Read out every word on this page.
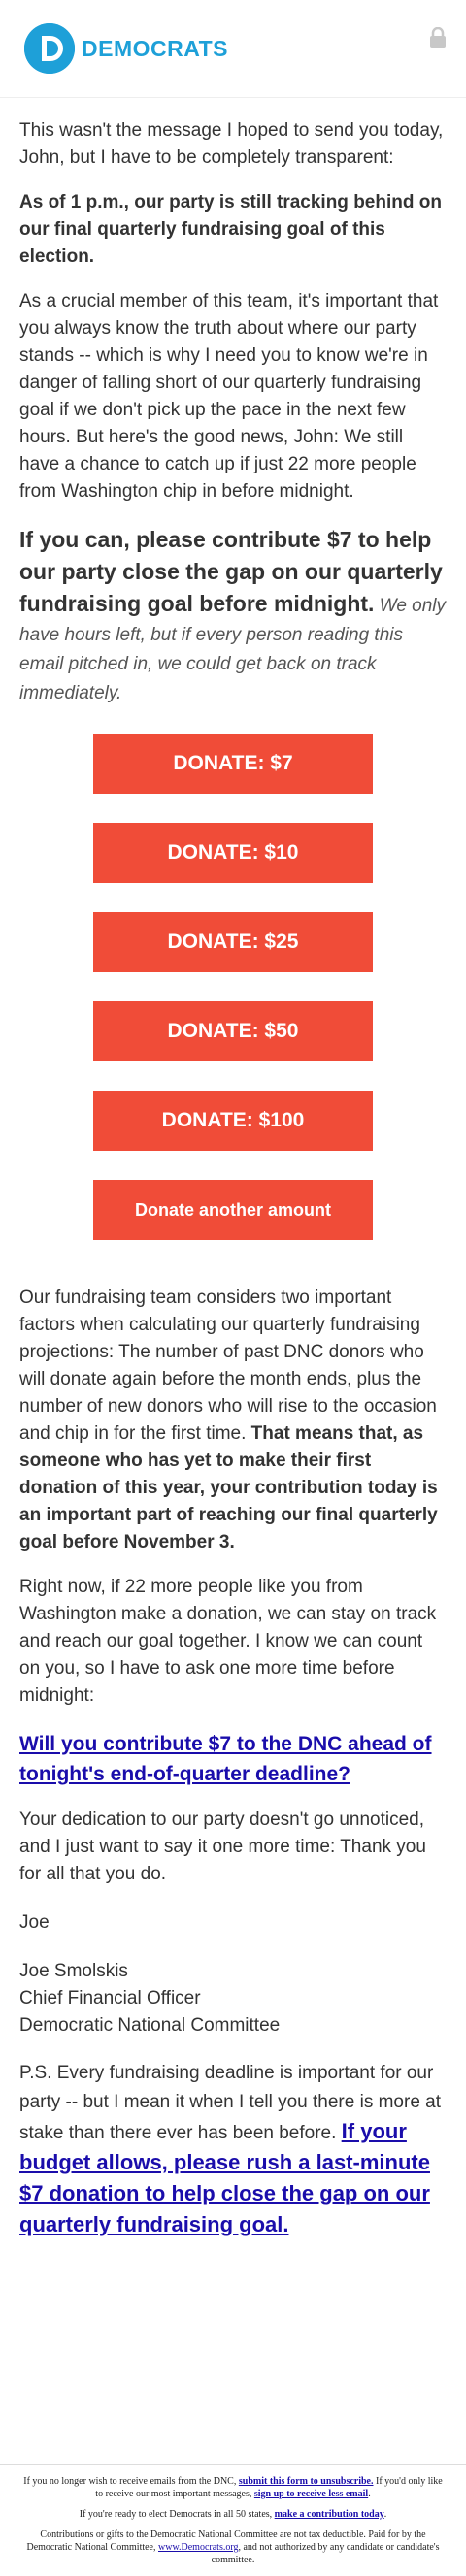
DEMOCRATS

This wasn't the message I hoped to send you today, John, but I have to be completely transparent:

As of 1 p.m., our party is still tracking behind on our final quarterly fundraising goal of this election.

As a crucial member of this team, it's important that you always know the truth about where our party stands -- which is why I need you to know we're in danger of falling short of our quarterly fundraising goal if we don't pick up the pace in the next few hours. But here's the good news, John: We still have a chance to catch up if just 22 more people from Washington chip in before midnight.

If you can, please contribute $7 to help our party close the gap on our quarterly fundraising goal before midnight. We only have hours left, but if every person reading this email pitched in, we could get back on track immediately.

DONATE: $7
DONATE: $10
DONATE: $25
DONATE: $50
DONATE: $100
Donate another amount

Our fundraising team considers two important factors when calculating our quarterly fundraising projections: The number of past DNC donors who will donate again before the month ends, plus the number of new donors who will rise to the occasion and chip in for the first time. That means that, as someone who has yet to make their first donation of this year, your contribution today is an important part of reaching our final quarterly goal before November 3.

Right now, if 22 more people like you from Washington make a donation, we can stay on track and reach our goal together. I know we can count on you, so I have to ask one more time before midnight:

Will you contribute $7 to the DNC ahead of tonight's end-of-quarter deadline?

Your dedication to our party doesn't go unnoticed, and I just want to say it one more time: Thank you for all that you do.

Joe

Joe Smolskis

Chief Financial Officer

Democratic National Committee

P.S. Every fundraising deadline is important for our party -- but I mean it when I tell you there is more at stake than there ever has been before. If your budget allows, please rush a last-minute $7 donation to help close the gap on our quarterly fundraising goal.

If you no longer wish to receive emails from the DNC, submit this form to unsubscribe. If you'd only like to receive our most important messages, sign up to receive less email.

If you're ready to elect Democrats in all 50 states, make a contribution today.

Contributions or gifts to the Democratic National Committee are not tax deductible. Paid for by the Democratic National Committee, www.Democrats.org, and not authorized by any candidate or candidate's committee.
